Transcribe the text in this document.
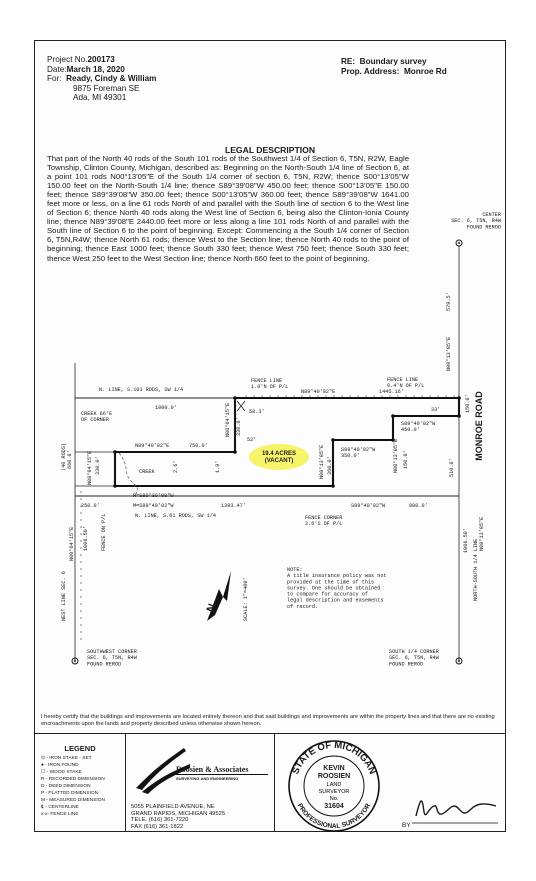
Project No.200173
Date:March 18, 2020
For: Ready, Cindy & William
9875 Foreman SE
Ada, MI 49301
RE: Boundary survey
Prop. Address: Monroe Rd
LEGAL DESCRIPTION
That part of the North 40 rods of the South 101 rods of the Southwest 1/4 of Section 6, T5N, R2W, Eagle Township, Clinton County, Michigan, described as: Beginning on the North-South 1/4 line of Section 6, at a point 101 rods N00°13'05"E of the South 1/4 corner of section 6, T5N, R2W; thence S00°13'05"W 150.00 feet on the North-South 1/4 line; thence S89°39'08"W 450.00 feet; thence S00°13'05"E 150.00 feet; thence S89°39'08"W 350.00 feet; thence S00°13'05"W 360.00 feet; thence S89°39'08"W 1641.00 feet more or less, on a line 61 rods North of and parallel with the South line of section 6 to the West line of Section 6; thence North 40 rods along the West line of Section 6, being also the Clinton-Ionia County line; thence N89°39'08"E 2440.00 feet more or less along a line 101 rods North of and parallel with the South line of Section 6 to the point of beginning. Except: Commencing a the South 1/4 corner of Section 6, T5N,R4W; thence North 61 rods; thence West to the Section line; thence North 40 rods to the point of beginning; thence East 1000 feet; thence South 330 feet; thence West 750 feet; thence South 330 feet; thence West 250 feet to the West Section line; thence North 660 feet to the point of beginning.
N
MONROE ROAD
CENTER SEC. 6, T5N, R4W FOUND REROD
N. LINE, S.101 RODS, SW 1/4
1000.0'
N89°40'02"E	1445.16'
FENCE LINE 1.0'N OF P/L
FENCE LINE 0.4'N OF P/L
150.0'
579.5'
N00°13'05"E
33'
58.3'
52'
CREEK 66'E OF CORNER
(40 RODS) 660.0'	N00°04'15"E 330.0'
N89°40'02"E	750.0'
N00°04'15"E 330.0'
CREEK	2.6'	1.8'
19.4 ACRES (VACANT)
S89°40'02"W 350.0'
S89°40'02"W 450.0'
N00°13'05"E 360.0'	N00°13'05"E 150.0'	510.0'
R=S89°39'08"W
M=S89°40'02"W	1393.47'
N. LINE, S.61 RODS, SW 1/4
S89°40'02"W	800.0'
250.0'
FENCE ON P/L	FENCE CORNER 2.6'S OF P/L
WEST LINE SEC. 6
N00°04'15"E 1006.50'
NORTH-SOUTH 1/4 LINE
1006.50' N00°13'05"E
SCALE: 1"=400'
SOUTHWEST CORNER SEC. 6, T5N, R4W FOUND REROD
SOUTH 1/4 CORNER SEC. 6, T5N, R4W FOUND REROD
NOTE: A title insurance policy was not provided at the time of this survey. One should be obtained to compare for accuracy of legal description and easements of record.
I hereby certify that the buildings and improvements are located entirely thereon and that said buildings and improvements are within the property lines and that there are no existing encroachments upon the lands and property described unless otherwise shown hereon.
LEGEND
⊙ - IRON STAKE - SET
● - IRON FOUND
☐ - WOOD STAKE
R - RECORDED DIMENSION
D - DEED DIMENSION
P - PLATTED DIMENSION
M - MEASURED DIMENSION
℄ - CENTERLINE
x-x- FENCE LINE
Roosien & Associates
SURVEYING AND ENGINEERING
5055 PLAINFIELD AVENUE, NE
GRAND RAPIDS, MICHIGAN 49525
TELE. (616) 361-7220
FAX (616) 361-1822
STATE OF MICHIGAN
PROFESSIONAL SURVEYOR
KEVIN
ROOSIEN
LAND
SURVEYOR
No.
31604
BY
